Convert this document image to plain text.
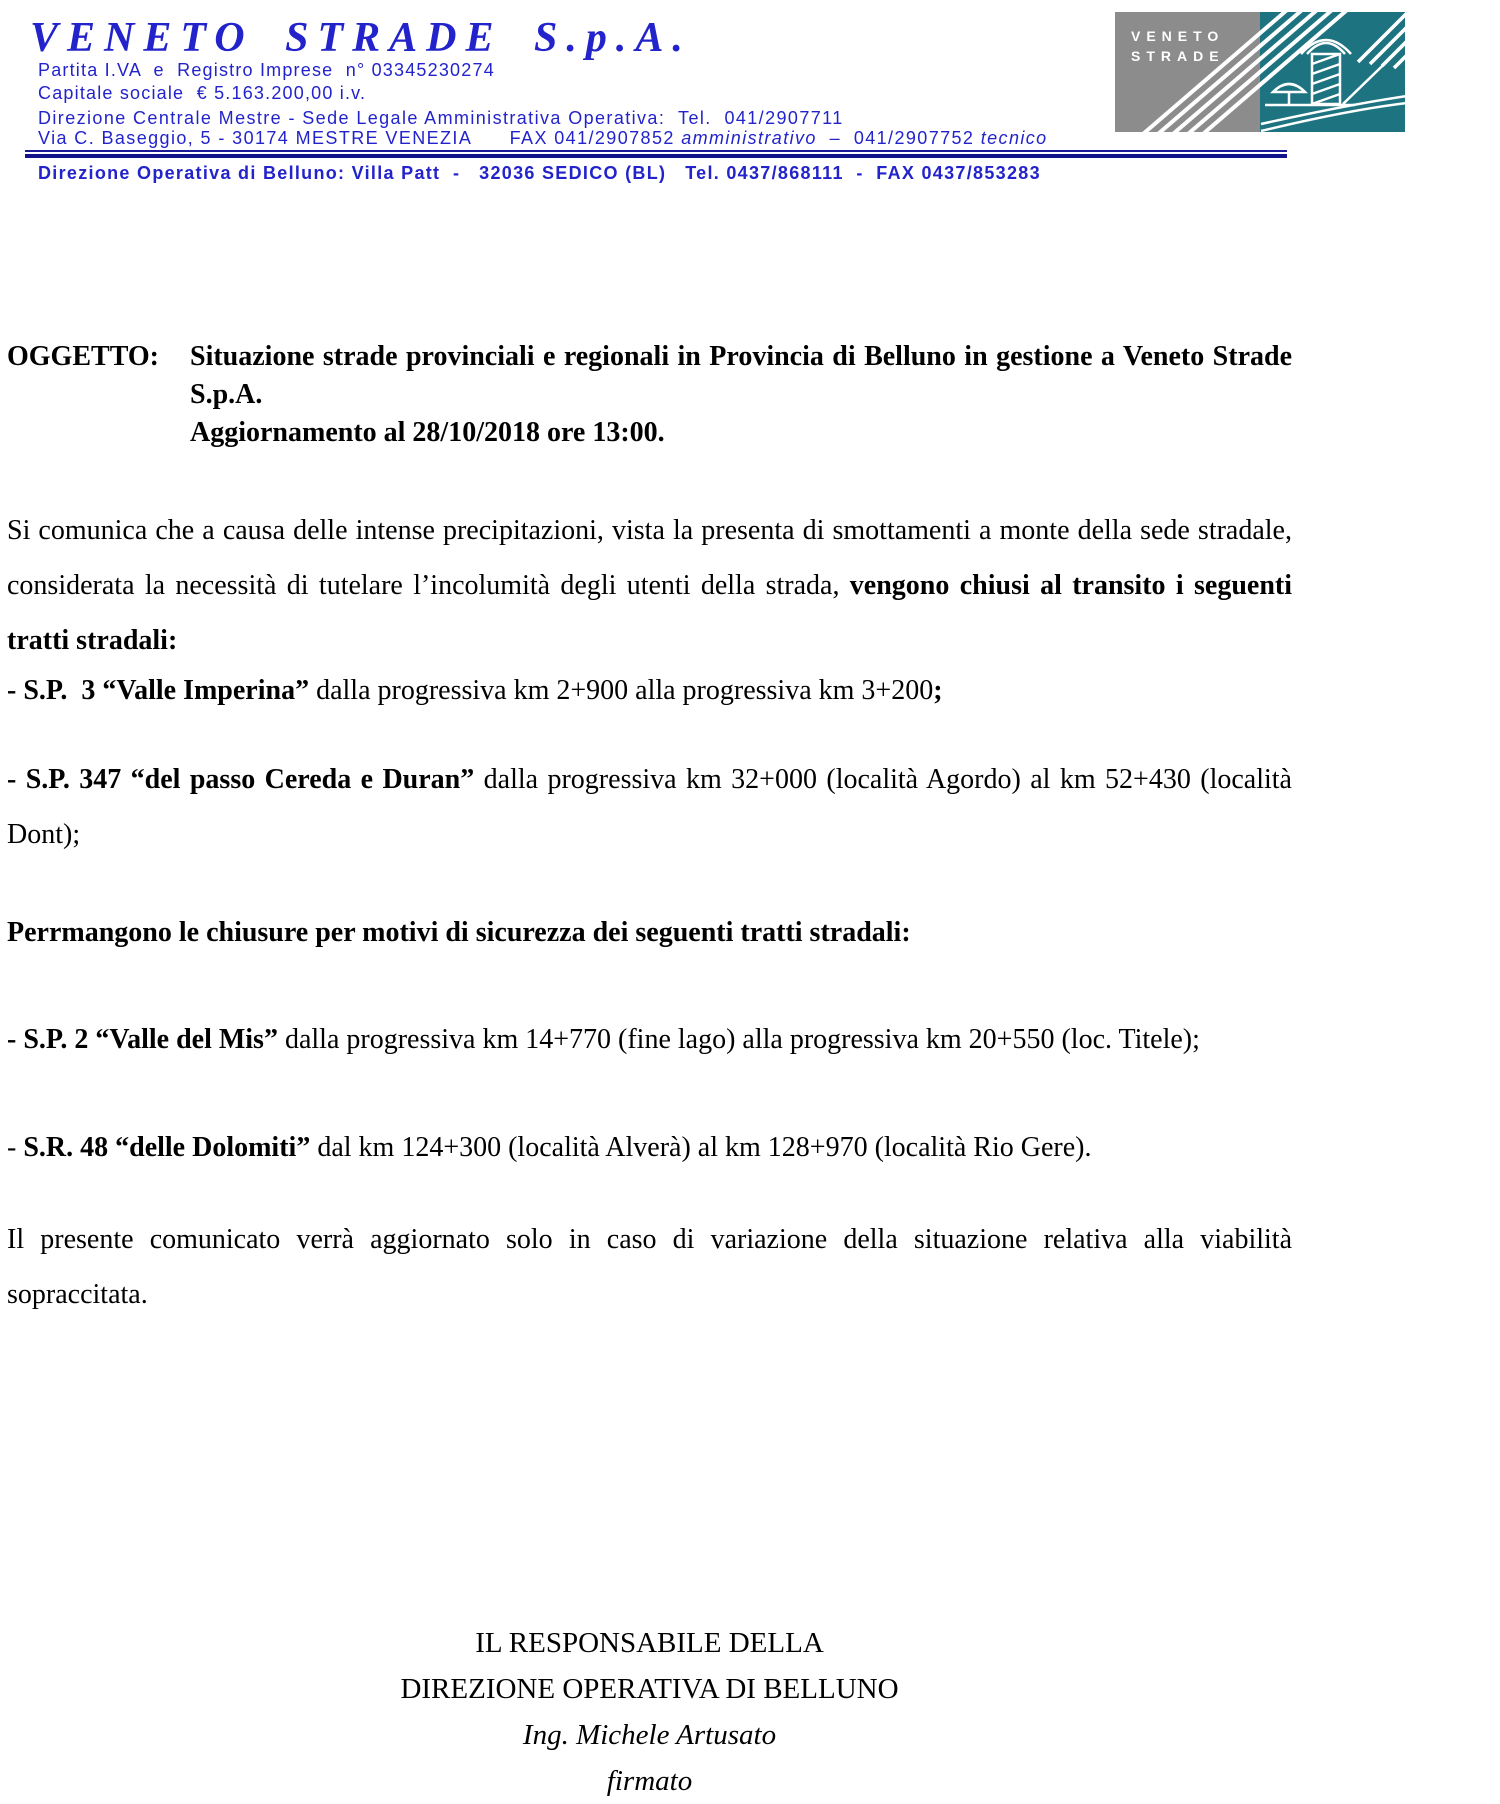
VENETO STRADE S.p.A.
Partita I.VA  e  Registro Imprese  n° 03345230274
Capitale sociale  € 5.163.200,00 i.v.
Direzione Centrale Mestre - Sede Legale Amministrativa Operativa:  Tel.  041/2907711
Via C. Baseggio, 5 - 30174 MESTRE VENEZIA      FAX 041/2907852 amministrativo  –  041/2907752 tecnico
Direzione Operativa di Belluno: Villa Patt  -   32036 SEDICO (BL)   Tel. 0437/868111  -  FAX 0437/853283
VENETO
STRADE
OGGETTO: Situazione strade provinciali e regionali in Provincia di Belluno in gestione a Veneto Strade S.p.A.
Aggiornamento al 28/10/2018 ore 13:00.
Si comunica che a causa delle intense precipitazioni, vista la presenta di smottamenti a monte della sede stradale, considerata la necessità di tutelare l’incolumità degli utenti della strada, vengono chiusi al transito i seguenti tratti stradali:
- S.P.  3 “Valle Imperina” dalla progressiva km 2+900 alla progressiva km 3+200;
- S.P. 347 “del passo Cereda e Duran” dalla progressiva km 32+000 (località Agordo) al km 52+430 (località Dont);
Perrmangono le chiusure per motivi di sicurezza dei seguenti tratti stradali:
- S.P. 2 “Valle del Mis” dalla progressiva km 14+770 (fine lago) alla progressiva km 20+550 (loc. Titele);
- S.R. 48 “delle Dolomiti” dal km 124+300 (località Alverà) al km 128+970 (località Rio Gere).
Il presente comunicato verrà aggiornato solo in caso di variazione della situazione relativa alla viabilità sopraccitata.
IL RESPONSABILE DELLA
DIREZIONE OPERATIVA DI BELLUNO
Ing. Michele Artusato
firmato
